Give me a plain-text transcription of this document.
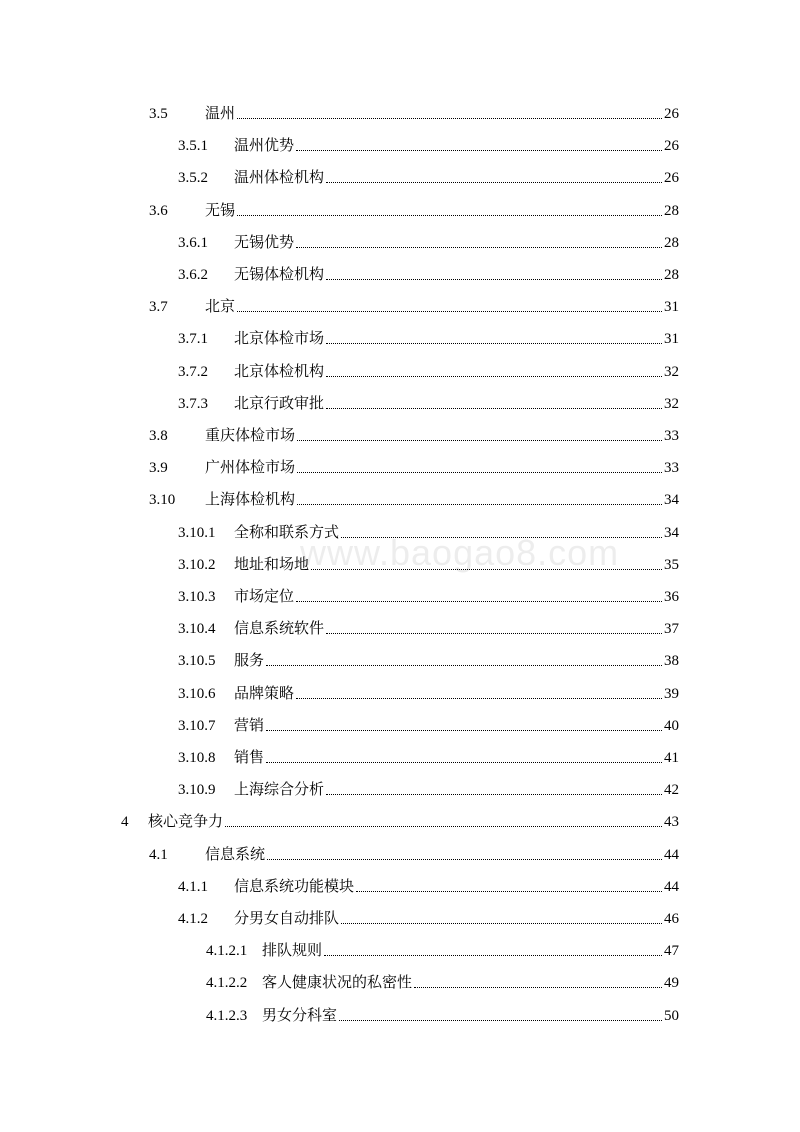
www.baogao8.com
3.5	温州	26
3.5.1	温州优势	26
3.5.2	温州体检机构	26
3.6	无锡	28
3.6.1	无锡优势	28
3.6.2	无锡体检机构	28
3.7	北京	31
3.7.1	北京体检市场	31
3.7.2	北京体检机构	32
3.7.3	北京行政审批	32
3.8	重庆体检市场	33
3.9	广州体检市场	33
3.10	上海体检机构	34
3.10.1	全称和联系方式	34
3.10.2	地址和场地	35
3.10.3	市场定位	36
3.10.4	信息系统软件	37
3.10.5	服务	38
3.10.6	品牌策略	39
3.10.7	营销	40
3.10.8	销售	41
3.10.9	上海综合分析	42
4	核心竞争力	43
4.1	信息系统	44
4.1.1	信息系统功能模块	44
4.1.2	分男女自动排队	46
4.1.2.1 排队规则	47
4.1.2.2 客人健康状况的私密性	49
4.1.2.3 男女分科室	50
